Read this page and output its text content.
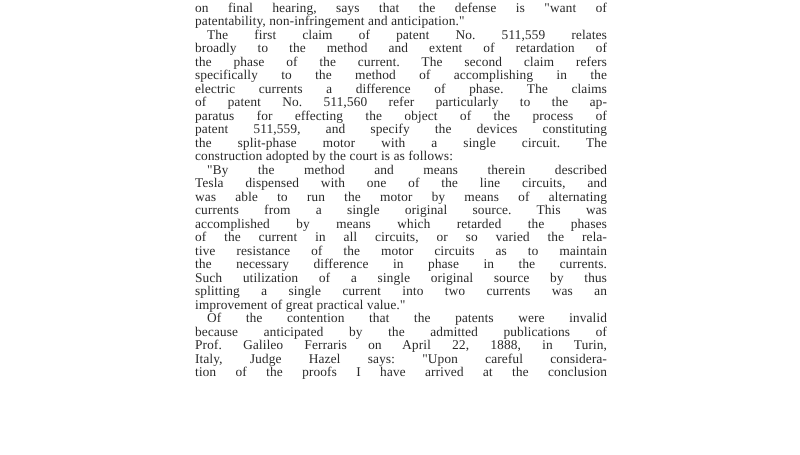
on final hearing, says that the defense is "want of
patentability, non-infringement and anticipation."
The first claim of patent No. 511,559 relates
broadly to the method and extent of retardation of
the phase of the current. The second claim refers
specifically to the method of accomplishing in the
electric currents a difference of phase. The claims
of patent No. 511,560 refer particularly to the ap-
paratus for effecting the object of the process of
patent 511,559, and specify the devices constituting
the split-phase motor with a single circuit. The
construction adopted by the court is as follows:
"By the method and means therein described
Tesla dispensed with one of the line circuits, and
was able to run the motor by means of alternating
currents from a single original source. This was
accomplished by means which retarded the phases
of the current in all circuits, or so varied the rela-
tive resistance of the motor circuits as to maintain
the necessary difference in phase in the currents.
Such utilization of a single original source by thus
splitting a single current into two currents was an
improvement of great practical value."
Of the contention that the patents were invalid
because anticipated by the admitted publications of
Prof. Galileo Ferraris on April 22, 1888, in Turin,
Italy, Judge Hazel says: "Upon careful considera-
tion of the proofs I have arrived at the conclusion
